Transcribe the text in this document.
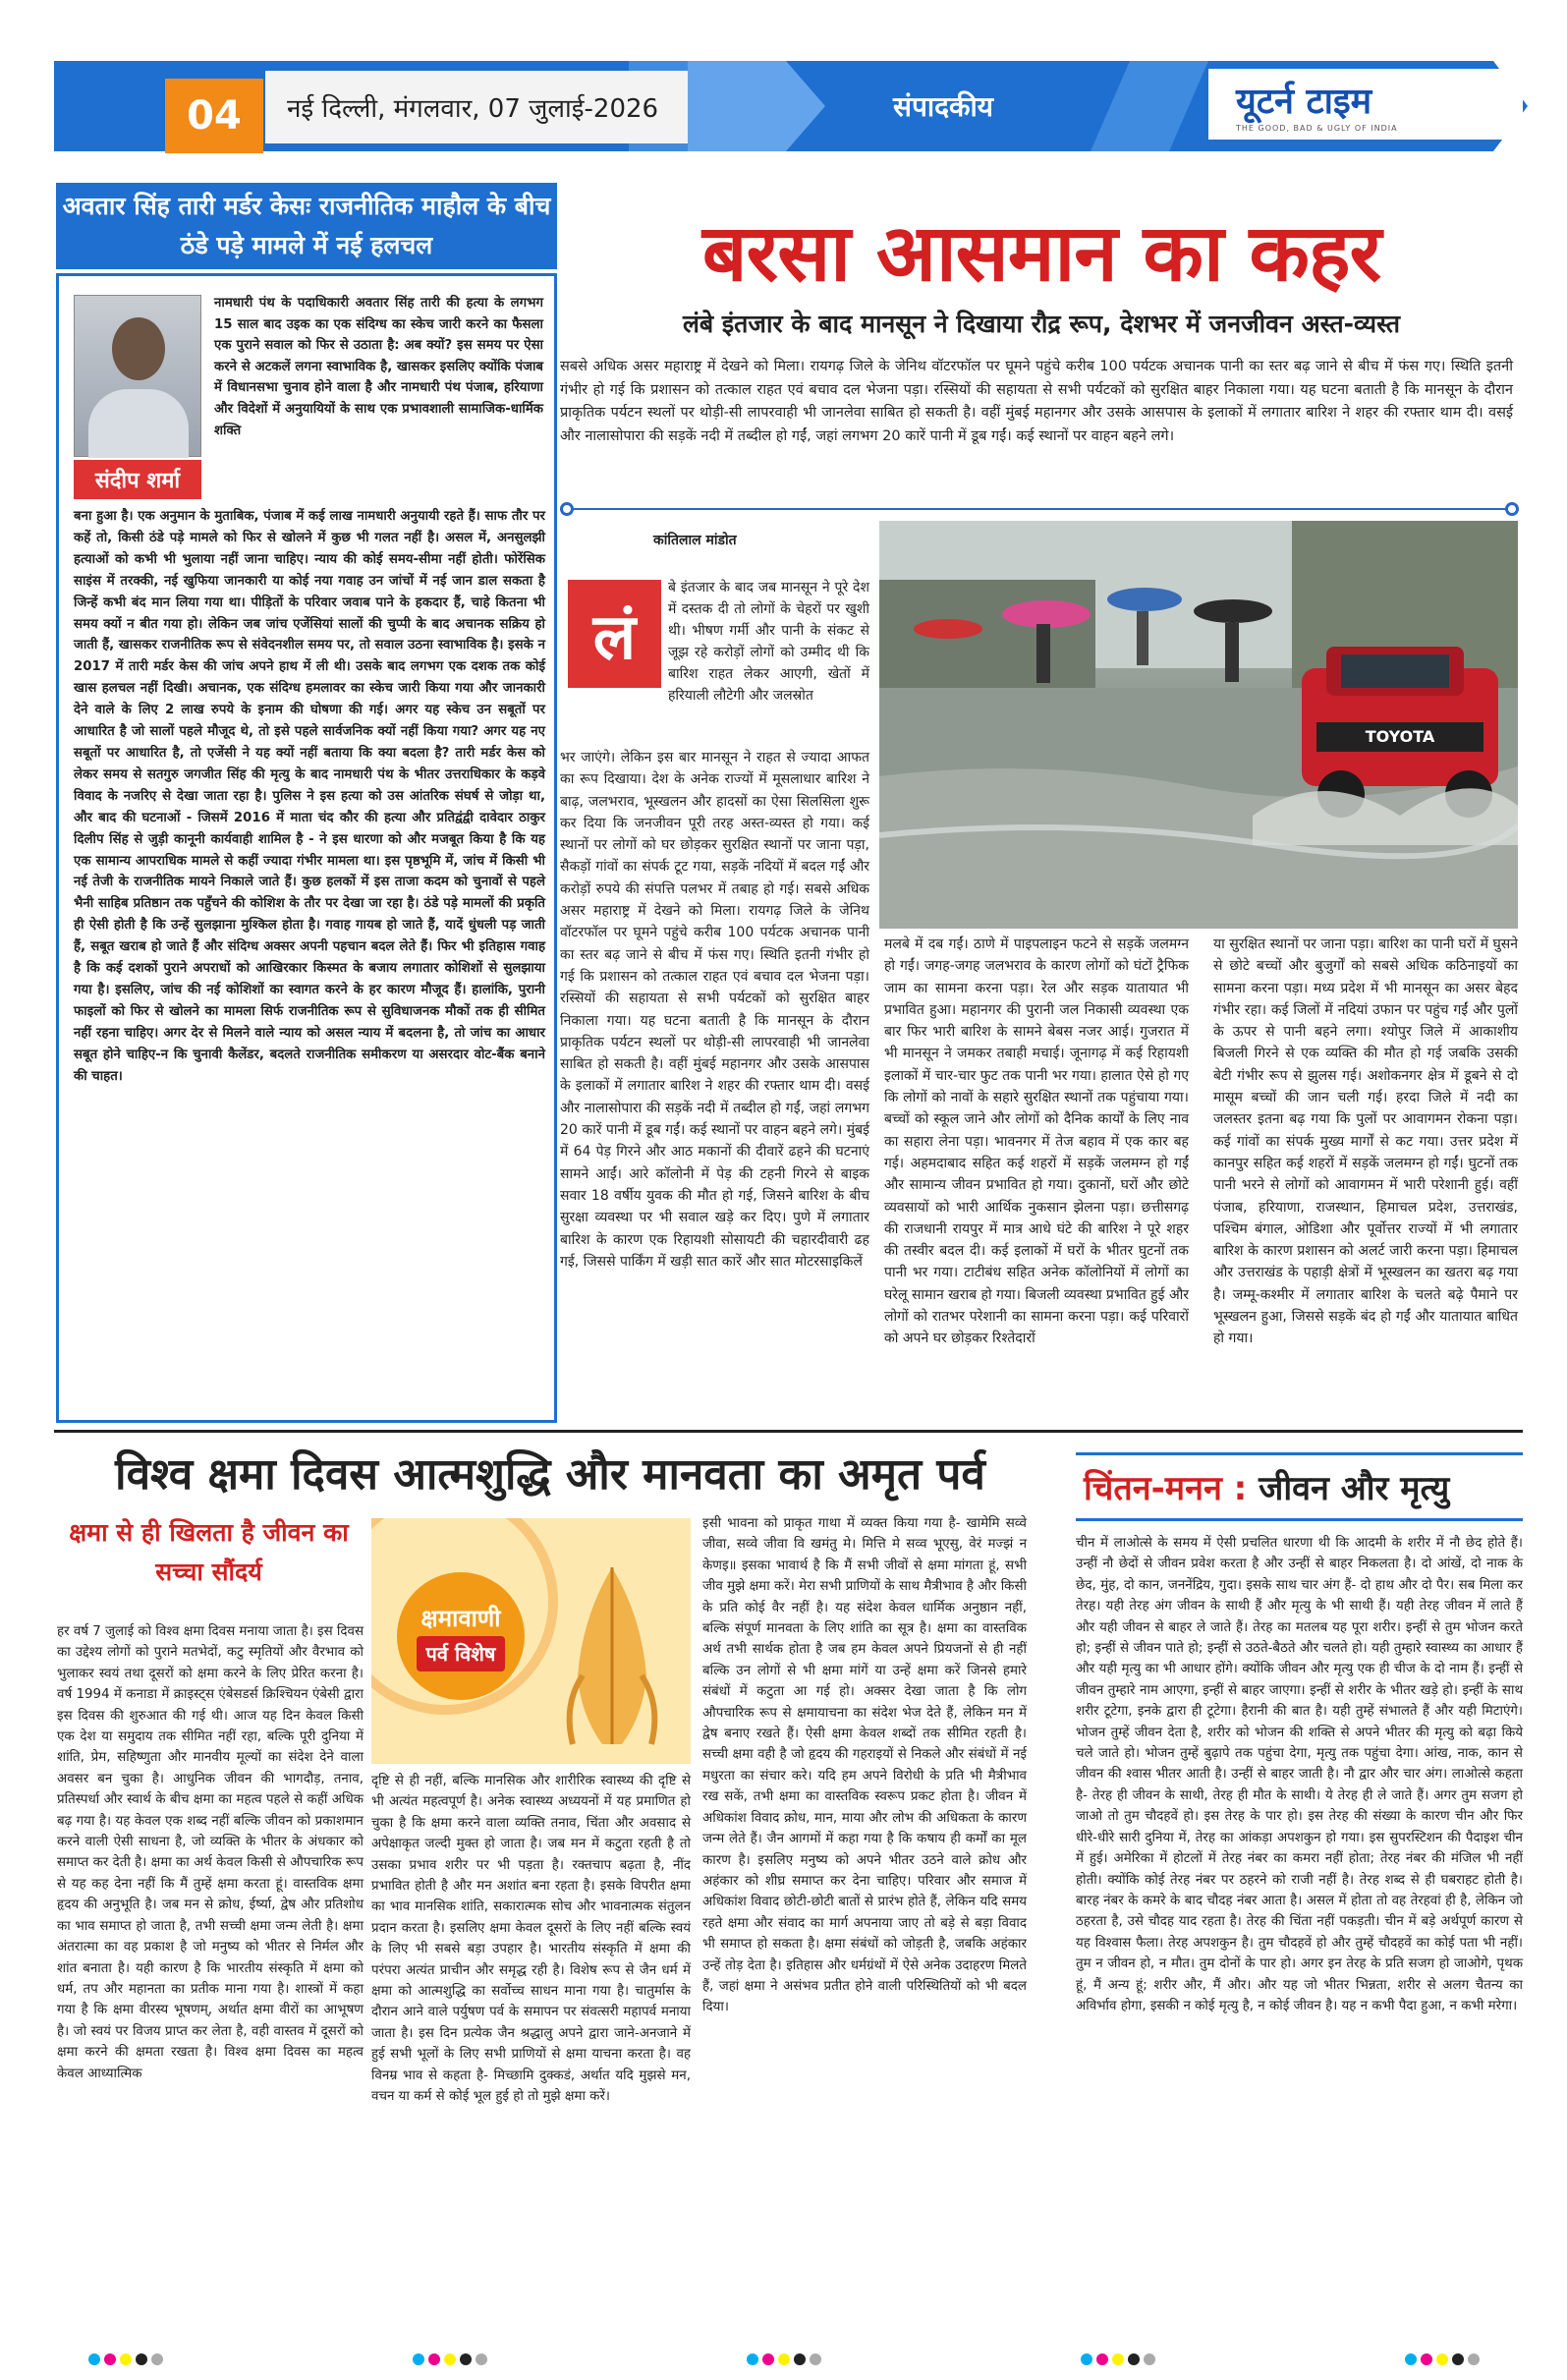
04	नई दिल्ली, मंगलवार, 07 जुलाई-2026	संपादकीय	यूटर्न टाइम
THE GOOD, BAD & UGLY OF INDIA
अवतार सिंह तारी मर्डर केसः राजनीतिक माहौल के बीच ठंडे पड़े मामले में नई हलचल
संदीप शर्मा
नामधारी पंथ के पदाधिकारी अवतार सिंह तारी की हत्या के लगभग 15 साल बाद उइक का एक संदिग्ध का स्केच जारी करने का फैसला एक पुराने सवाल को फिर से उठाता है: अब क्यों? इस समय पर ऐसा करने से अटकलें लगना स्वाभाविक है, खासकर इसलिए क्योंकि पंजाब में विधानसभा चुनाव होने वाला है और नामधारी पंथ पंजाब, हरियाणा और विदेशों में अनुयायियों के साथ एक प्रभावशाली सामाजिक-धार्मिक शक्ति
बना हुआ है। एक अनुमान के मुताबिक, पंजाब में कई लाख नामधारी अनुयायी रहते हैं। साफ तौर पर कहें तो, किसी ठंडे पड़े मामले को फिर से खोलने में कुछ भी गलत नहीं है। असल में, अनसुलझी हत्याओं को कभी भी भुलाया नहीं जाना चाहिए। न्याय की कोई समय-सीमा नहीं होती। फोरेंसिक साइंस में तरक्की, नई खुफिया जानकारी या कोई नया गवाह उन जांचों में नई जान डाल सकता है जिन्हें कभी बंद मान लिया गया था। पीड़ितों के परिवार जवाब पाने के हकदार हैं, चाहे कितना भी समय क्यों न बीत गया हो। लेकिन जब जांच एजेंसियां सालों की चुप्पी के बाद अचानक सक्रिय हो जाती हैं, खासकर राजनीतिक रूप से संवेदनशील समय पर, तो सवाल उठना स्वाभाविक है। इसके न 2017 में तारी मर्डर केस की जांच अपने हाथ में ली थी। उसके बाद लगभग एक दशक तक कोई खास हलचल नहीं दिखी। अचानक, एक संदिग्ध हमलावर का स्केच जारी किया गया और जानकारी देने वाले के लिए 2 लाख रुपये के इनाम की घोषणा की गई। अगर यह स्केच उन सबूतों पर आधारित है जो सालों पहले मौजूद थे, तो इसे पहले सार्वजनिक क्यों नहीं किया गया? अगर यह नए सबूतों पर आधारित है, तो एजेंसी ने यह क्यों नहीं बताया कि क्या बदला है? तारी मर्डर केस को लेकर समय से सतगुरु जगजीत सिंह की मृत्यु के बाद नामधारी पंथ के भीतर उत्तराधिकार के कड़वे विवाद के नजरिए से देखा जाता रहा है। पुलिस ने इस हत्या को उस आंतरिक संघर्ष से जोड़ा था, और बाद की घटनाओं - जिसमें 2016 में माता चंद कौर की हत्या और प्रतिद्वंद्वी दावेदार ठाकुर दिलीप सिंह से जुड़ी कानूनी कार्यवाही शामिल है - ने इस धारणा को और मजबूत किया है कि यह एक सामान्य आपराधिक मामले से कहीं ज्यादा गंभीर मामला था। इस पृष्ठभूमि में, जांच में किसी भी नई तेजी के राजनीतिक मायने निकाले जाते हैं। कुछ हलकों में इस ताजा कदम को चुनावों से पहले भैनी साहिब प्रतिष्ठान तक पहुँचने की कोशिश के तौर पर देखा जा रहा है। ठंडे पड़े मामलों की प्रकृति ही ऐसी होती है कि उन्हें सुलझाना मुश्किल होता है। गवाह गायब हो जाते हैं, यादें धुंधली पड़ जाती हैं, सबूत खराब हो जाते हैं और संदिग्ध अक्सर अपनी पहचान बदल लेते हैं। फिर भी इतिहास गवाह है कि कई दशकों पुराने अपराधों को आखिरकार किस्मत के बजाय लगातार कोशिशों से सुलझाया गया है। इसलिए, जांच की नई कोशिशों का स्वागत करने के हर कारण मौजूद हैं। हालांकि, पुरानी फाइलों को फिर से खोलने का मामला सिर्फ राजनीतिक रूप से सुविधाजनक मौकों तक ही सीमित नहीं रहना चाहिए। अगर देर से मिलने वाले न्याय को असल न्याय में बदलना है, तो जांच का आधार सबूत होने चाहिए-न कि चुनावी कैलेंडर, बदलते राजनीतिक समीकरण या असरदार वोट-बैंक बनाने की चाहत।
बरसा आसमान का कहर
लंबे इंतजार के बाद मानसून ने दिखाया रौद्र रूप, देशभर में जनजीवन अस्त-व्यस्त
सबसे अधिक असर महाराष्ट्र में देखने को मिला। रायगढ़ जिले के जेनिथ वॉटरफॉल पर घूमने पहुंचे करीब 100 पर्यटक अचानक पानी का स्तर बढ़ जाने से बीच में फंस गए। स्थिति इतनी गंभीर हो गई कि प्रशासन को तत्काल राहत एवं बचाव दल भेजना पड़ा। रस्सियों की सहायता से सभी पर्यटकों को सुरक्षित बाहर निकाला गया। यह घटना बताती है कि मानसून के दौरान प्राकृतिक पर्यटन स्थलों पर थोड़ी-सी लापरवाही भी जानलेवा साबित हो सकती है। वहीं मुंबई महानगर और उसके आसपास के इलाकों में लगातार बारिश ने शहर की रफ्तार थाम दी। वसई और नालासोपारा की सड़कें नदी में तब्दील हो गईं, जहां लगभग 20 कारें पानी में डूब गईं। कई स्थानों पर वाहन बहने लगे।
कांतिलाल मांडोत
लं
TOYOTA
बे इंतजार के बाद जब मानसून ने पूरे देश में दस्तक दी तो लोगों के चेहरों पर खुशी थी। भीषण गर्मी और पानी के संकट से जूझ रहे करोड़ों लोगों को उम्मीद थी कि बारिश राहत लेकर आएगी, खेतों में हरियाली लौटेगी और जलस्रोत
भर जाएंगे। लेकिन इस बार मानसून ने राहत से ज्यादा आफत का रूप दिखाया। देश के अनेक राज्यों में मूसलाधार बारिश ने बाढ़, जलभराव, भूस्खलन और हादसों का ऐसा सिलसिला शुरू कर दिया कि जनजीवन पूरी तरह अस्त-व्यस्त हो गया। कई स्थानों पर लोगों को घर छोड़कर सुरक्षित स्थानों पर जाना पड़ा, सैकड़ों गांवों का संपर्क टूट गया, सड़कें नदियों में बदल गईं और करोड़ों रुपये की संपत्ति पलभर में तबाह हो गई। सबसे अधिक असर महाराष्ट्र में देखने को मिला। रायगढ़ जिले के जेनिथ वॉटरफॉल पर घूमने पहुंचे करीब 100 पर्यटक अचानक पानी का स्तर बढ़ जाने से बीच में फंस गए। स्थिति इतनी गंभीर हो गई कि प्रशासन को तत्काल राहत एवं बचाव दल भेजना पड़ा। रस्सियों की सहायता से सभी पर्यटकों को सुरक्षित बाहर निकाला गया। यह घटना बताती है कि मानसून के दौरान प्राकृतिक पर्यटन स्थलों पर थोड़ी-सी लापरवाही भी जानलेवा साबित हो सकती है। वहीं मुंबई महानगर और उसके आसपास के इलाकों में लगातार बारिश ने शहर की रफ्तार थाम दी। वसई और नालासोपारा की सड़कें नदी में तब्दील हो गईं, जहां लगभग 20 कारें पानी में डूब गईं। कई स्थानों पर वाहन बहने लगे। मुंबई में 64 पेड़ गिरने और आठ मकानों की दीवारें ढहने की घटनाएं सामने आईं। आरे कॉलोनी में पेड़ की टहनी गिरने से बाइक सवार 18 वर्षीय युवक की मौत हो गई, जिसने बारिश के बीच सुरक्षा व्यवस्था पर भी सवाल खड़े कर दिए। पुणे में लगातार बारिश के कारण एक रिहायशी सोसायटी की चहारदीवारी ढह गई, जिससे पार्किंग में खड़ी सात कारें और सात मोटरसाइकिलें
मलबे में दब गईं। ठाणे में पाइपलाइन फटने से सड़कें जलमग्न हो गईं। जगह-जगह जलभराव के कारण लोगों को घंटों ट्रैफिक जाम का सामना करना पड़ा। रेल और सड़क यातायात भी प्रभावित हुआ। महानगर की पुरानी जल निकासी व्यवस्था एक बार फिर भारी बारिश के सामने बेबस नजर आई। गुजरात में भी मानसून ने जमकर तबाही मचाई। जूनागढ़ में कई रिहायशी इलाकों में चार-चार फुट तक पानी भर गया। हालात ऐसे हो गए कि लोगों को नावों के सहारे सुरक्षित स्थानों तक पहुंचाया गया। बच्चों को स्कूल जाने और लोगों को दैनिक कार्यों के लिए नाव का सहारा लेना पड़ा। भावनगर में तेज बहाव में एक कार बह गई। अहमदाबाद सहित कई शहरों में सड़कें जलमग्न हो गईं और सामान्य जीवन प्रभावित हो गया। दुकानों, घरों और छोटे व्यवसायों को भारी आर्थिक नुकसान झेलना पड़ा। छत्तीसगढ़ की राजधानी रायपुर में मात्र आधे घंटे की बारिश ने पूरे शहर की तस्वीर बदल दी। कई इलाकों में घरों के भीतर घुटनों तक पानी भर गया। टाटीबंध सहित अनेक कॉलोनियों में लोगों का घरेलू सामान खराब हो गया। बिजली व्यवस्था प्रभावित हुई और लोगों को रातभर परेशानी का सामना करना पड़ा। कई परिवारों को अपने घर छोड़कर रिश्तेदारों
या सुरक्षित स्थानों पर जाना पड़ा। बारिश का पानी घरों में घुसने से छोटे बच्चों और बुजुर्गों को सबसे अधिक कठिनाइयों का सामना करना पड़ा। मध्य प्रदेश में भी मानसून का असर बेहद गंभीर रहा। कई जिलों में नदियां उफान पर पहुंच गईं और पुलों के ऊपर से पानी बहने लगा। श्योपुर जिले में आकाशीय बिजली गिरने से एक व्यक्ति की मौत हो गई जबकि उसकी बेटी गंभीर रूप से झुलस गई। अशोकनगर क्षेत्र में डूबने से दो मासूम बच्चों की जान चली गई। हरदा जिले में नदी का जलस्तर इतना बढ़ गया कि पुलों पर आवागमन रोकना पड़ा। कई गांवों का संपर्क मुख्य मार्गों से कट गया। उत्तर प्रदेश में कानपुर सहित कई शहरों में सड़कें जलमग्न हो गईं। घुटनों तक पानी भरने से लोगों को आवागमन में भारी परेशानी हुई। वहीं पंजाब, हरियाणा, राजस्थान, हिमाचल प्रदेश, उत्तराखंड, पश्चिम बंगाल, ओडिशा और पूर्वोत्तर राज्यों में भी लगातार बारिश के कारण प्रशासन को अलर्ट जारी करना पड़ा। हिमाचल और उत्तराखंड के पहाड़ी क्षेत्रों में भूस्खलन का खतरा बढ़ गया है। जम्मू-कश्मीर में लगातार बारिश के चलते बढ़े पैमाने पर भूस्खलन हुआ, जिससे सड़कें बंद हो गईं और यातायात बाधित हो गया।
विश्व क्षमा दिवस आत्मशुद्धि और मानवता का अमृत पर्व
क्षमा से ही खिलता है जीवन का सच्चा सौंदर्य
क्षमावाणी
पर्व विशेष
हर वर्ष 7 जुलाई को विश्व क्षमा दिवस मनाया जाता है। इस दिवस का उद्देश्य लोगों को पुराने मतभेदों, कटु स्मृतियों और वैरभाव को भुलाकर स्वयं तथा दूसरों को क्षमा करने के लिए प्रेरित करना है। वर्ष 1994 में कनाडा में क्राइस्ट्स एंबेसडर्स क्रिश्चियन एंबेसी द्वारा इस दिवस की शुरुआत की गई थी। आज यह दिन केवल किसी एक देश या समुदाय तक सीमित नहीं रहा, बल्कि पूरी दुनिया में शांति, प्रेम, सहिष्णुता और मानवीय मूल्यों का संदेश देने वाला अवसर बन चुका है। आधुनिक जीवन की भागदौड़, तनाव, प्रतिस्पर्धा और स्वार्थ के बीच क्षमा का महत्व पहले से कहीं अधिक बढ़ गया है। यह केवल एक शब्द नहीं बल्कि जीवन को प्रकाशमान करने वाली ऐसी साधना है, जो व्यक्ति के भीतर के अंधकार को समाप्त कर देती है। क्षमा का अर्थ केवल किसी से औपचारिक रूप से यह कह देना नहीं कि मैं तुम्हें क्षमा करता हूं। वास्तविक क्षमा हृदय की अनुभूति है। जब मन से क्रोध, ईर्ष्या, द्वेष और प्रतिशोध का भाव समाप्त हो जाता है, तभी सच्ची क्षमा जन्म लेती है। क्षमा अंतरात्मा का वह प्रकाश है जो मनुष्य को भीतर से निर्मल और शांत बनाता है। यही कारण है कि भारतीय संस्कृति में क्षमा को धर्म, तप और महानता का प्रतीक माना गया है। शास्त्रों में कहा गया है कि क्षमा वीरस्य भूषणम्, अर्थात क्षमा वीरों का आभूषण है। जो स्वयं पर विजय प्राप्त कर लेता है, वही वास्तव में दूसरों को क्षमा करने की क्षमता रखता है। विश्व क्षमा दिवस का महत्व केवल आध्यात्मिक
दृष्टि से ही नहीं, बल्कि मानसिक और शारीरिक स्वास्थ्य की दृष्टि से भी अत्यंत महत्वपूर्ण है। अनेक स्वास्थ्य अध्ययनों में यह प्रमाणित हो चुका है कि क्षमा करने वाला व्यक्ति तनाव, चिंता और अवसाद से अपेक्षाकृत जल्दी मुक्त हो जाता है। जब मन में कटुता रहती है तो उसका प्रभाव शरीर पर भी पड़ता है। रक्तचाप बढ़ता है, नींद प्रभावित होती है और मन अशांत बना रहता है। इसके विपरीत क्षमा का भाव मानसिक शांति, सकारात्मक सोच और भावनात्मक संतुलन प्रदान करता है। इसलिए क्षमा केवल दूसरों के लिए नहीं बल्कि स्वयं के लिए भी सबसे बड़ा उपहार है। भारतीय संस्कृति में क्षमा की परंपरा अत्यंत प्राचीन और समृद्ध रही है। विशेष रूप से जैन धर्म में क्षमा को आत्मशुद्धि का सर्वोच्च साधन माना गया है। चातुर्मास के दौरान आने वाले पर्युषण पर्व के समापन पर संवत्सरी महापर्व मनाया जाता है। इस दिन प्रत्येक जैन श्रद्धालु अपने द्वारा जाने-अनजाने में हुई सभी भूलों के लिए सभी प्राणियों से क्षमा याचना करता है। वह विनम्र भाव से कहता है- मिच्छामि दुक्कडं, अर्थात यदि मुझसे मन, वचन या कर्म से कोई भूल हुई हो तो मुझे क्षमा करें।
इसी भावना को प्राकृत गाथा में व्यक्त किया गया है- खामेमि सव्वे जीवा, सव्वे जीवा वि खमंतु मे। मित्ति मे सव्व भूएसु, वेरं मज्झं न केणइ॥ इसका भावार्थ है कि मैं सभी जीवों से क्षमा मांगता हूं, सभी जीव मुझे क्षमा करें। मेरा सभी प्राणियों के साथ मैत्रीभाव है और किसी के प्रति कोई वैर नहीं है। यह संदेश केवल धार्मिक अनुष्ठान नहीं, बल्कि संपूर्ण मानवता के लिए शांति का सूत्र है। क्षमा का वास्तविक अर्थ तभी सार्थक होता है जब हम केवल अपने प्रियजनों से ही नहीं बल्कि उन लोगों से भी क्षमा मांगें या उन्हें क्षमा करें जिनसे हमारे संबंधों में कटुता आ गई हो। अक्सर देखा जाता है कि लोग औपचारिक रूप से क्षमायाचना का संदेश भेज देते हैं, लेकिन मन में द्वेष बनाए रखते हैं। ऐसी क्षमा केवल शब्दों तक सीमित रहती है। सच्ची क्षमा वही है जो हृदय की गहराइयों से निकले और संबंधों में नई मधुरता का संचार करे। यदि हम अपने विरोधी के प्रति भी मैत्रीभाव रख सकें, तभी क्षमा का वास्तविक स्वरूप प्रकट होता है। जीवन में अधिकांश विवाद क्रोध, मान, माया और लोभ की अधिकता के कारण जन्म लेते हैं। जैन आगमों में कहा गया है कि कषाय ही कर्मों का मूल कारण है। इसलिए मनुष्य को अपने भीतर उठने वाले क्रोध और अहंकार को शीघ्र समाप्त कर देना चाहिए। परिवार और समाज में अधिकांश विवाद छोटी-छोटी बातों से प्रारंभ होते हैं, लेकिन यदि समय रहते क्षमा और संवाद का मार्ग अपनाया जाए तो बड़े से बड़ा विवाद भी समाप्त हो सकता है। क्षमा संबंधों को जोड़ती है, जबकि अहंकार उन्हें तोड़ देता है। इतिहास और धर्मग्रंथों में ऐसे अनेक उदाहरण मिलते हैं, जहां क्षमा ने असंभव प्रतीत होने वाली परिस्थितियों को भी बदल दिया।
चिंतन-मनन :
जीवन और मृत्यु
चीन में लाओत्से के समय में ऐसी प्रचलित धारणा थी कि आदमी के शरीर में नौ छेद होते हैं। उन्हीं नौ छेदों से जीवन प्रवेश करता है और उन्हीं से बाहर निकलता है। दो आंखें, दो नाक के छेद, मुंह, दो कान, जननेंद्रिय, गुदा। इसके साथ चार अंग हैं- दो हाथ और दो पैर। सब मिला कर तेरह। यही तेरह अंग जीवन के साथी हैं और मृत्यु के भी साथी हैं। यही तेरह जीवन में लाते हैं और यही जीवन से बाहर ले जाते हैं। तेरह का मतलब यह पूरा शरीर। इन्हीं से तुम भोजन करते हो; इन्हीं से जीवन पाते हो; इन्हीं से उठते-बैठते और चलते हो। यही तुम्हारे स्वास्थ्य का आधार हैं और यही मृत्यु का भी आधार होंगे। क्योंकि जीवन और मृत्यु एक ही चीज के दो नाम हैं। इन्हीं से जीवन तुम्हारे नाम आएगा, इन्हीं से बाहर जाएगा। इन्हीं से शरीर के भीतर खड़े हो। इन्हीं के साथ शरीर टूटेगा, इनके द्वारा ही टूटेगा। हैरानी की बात है। यही तुम्हें संभालते हैं और यही मिटाएंगे। भोजन तुम्हें जीवन देता है, शरीर को भोजन की शक्ति से अपने भीतर की मृत्यु को बढ़ा किये चले जाते हो। भोजन तुम्हें बुढ़ापे तक पहुंचा देगा, मृत्यु तक पहुंचा देगा। आंख, नाक, कान से जीवन की श्वास भीतर आती है। उन्हीं से बाहर जाती है। नौ द्वार और चार अंग। लाओत्से कहता है- तेरह ही जीवन के साथी, तेरह ही मौत के साथी। ये तेरह ही ले जाते हैं। अगर तुम सजग हो जाओ तो तुम चौदहवें हो। इस तेरह के पार हो। इस तेरह की संख्या के कारण चीन और फिर धीरे-धीरे सारी दुनिया में, तेरह का आंकड़ा अपशकुन हो गया। इस सुपरस्टिशन की पैदाइश चीन में हुई। अमेरिका में होटलों में तेरह नंबर का कमरा नहीं होता; तेरह नंबर की मंजिल भी नहीं होती। क्योंकि कोई तेरह नंबर पर ठहरने को राजी नहीं है। तेरह शब्द से ही घबराहट होती है। बारह नंबर के कमरे के बाद चौदह नंबर आता है। असल में होता तो वह तेरहवां ही है, लेकिन जो ठहरता है, उसे चौदह याद रहता है। तेरह की चिंता नहीं पकड़ती। चीन में बड़े अर्थपूर्ण कारण से यह विश्वास फैला। तेरह अपशकुन है। तुम चौदहवें हो और तुम्हें चौदहवें का कोई पता भी नहीं। तुम न जीवन हो, न मौत। तुम दोनों के पार हो। अगर इन तेरह के प्रति सजग हो जाओगे, पृथक हूं, मैं अन्य हूं; शरीर और, मैं और। और यह जो भीतर भिन्नता, शरीर से अलग चैतन्य का अविर्भाव होगा, इसकी न कोई मृत्यु है, न कोई जीवन है। यह न कभी पैदा हुआ, न कभी मरेगा।
